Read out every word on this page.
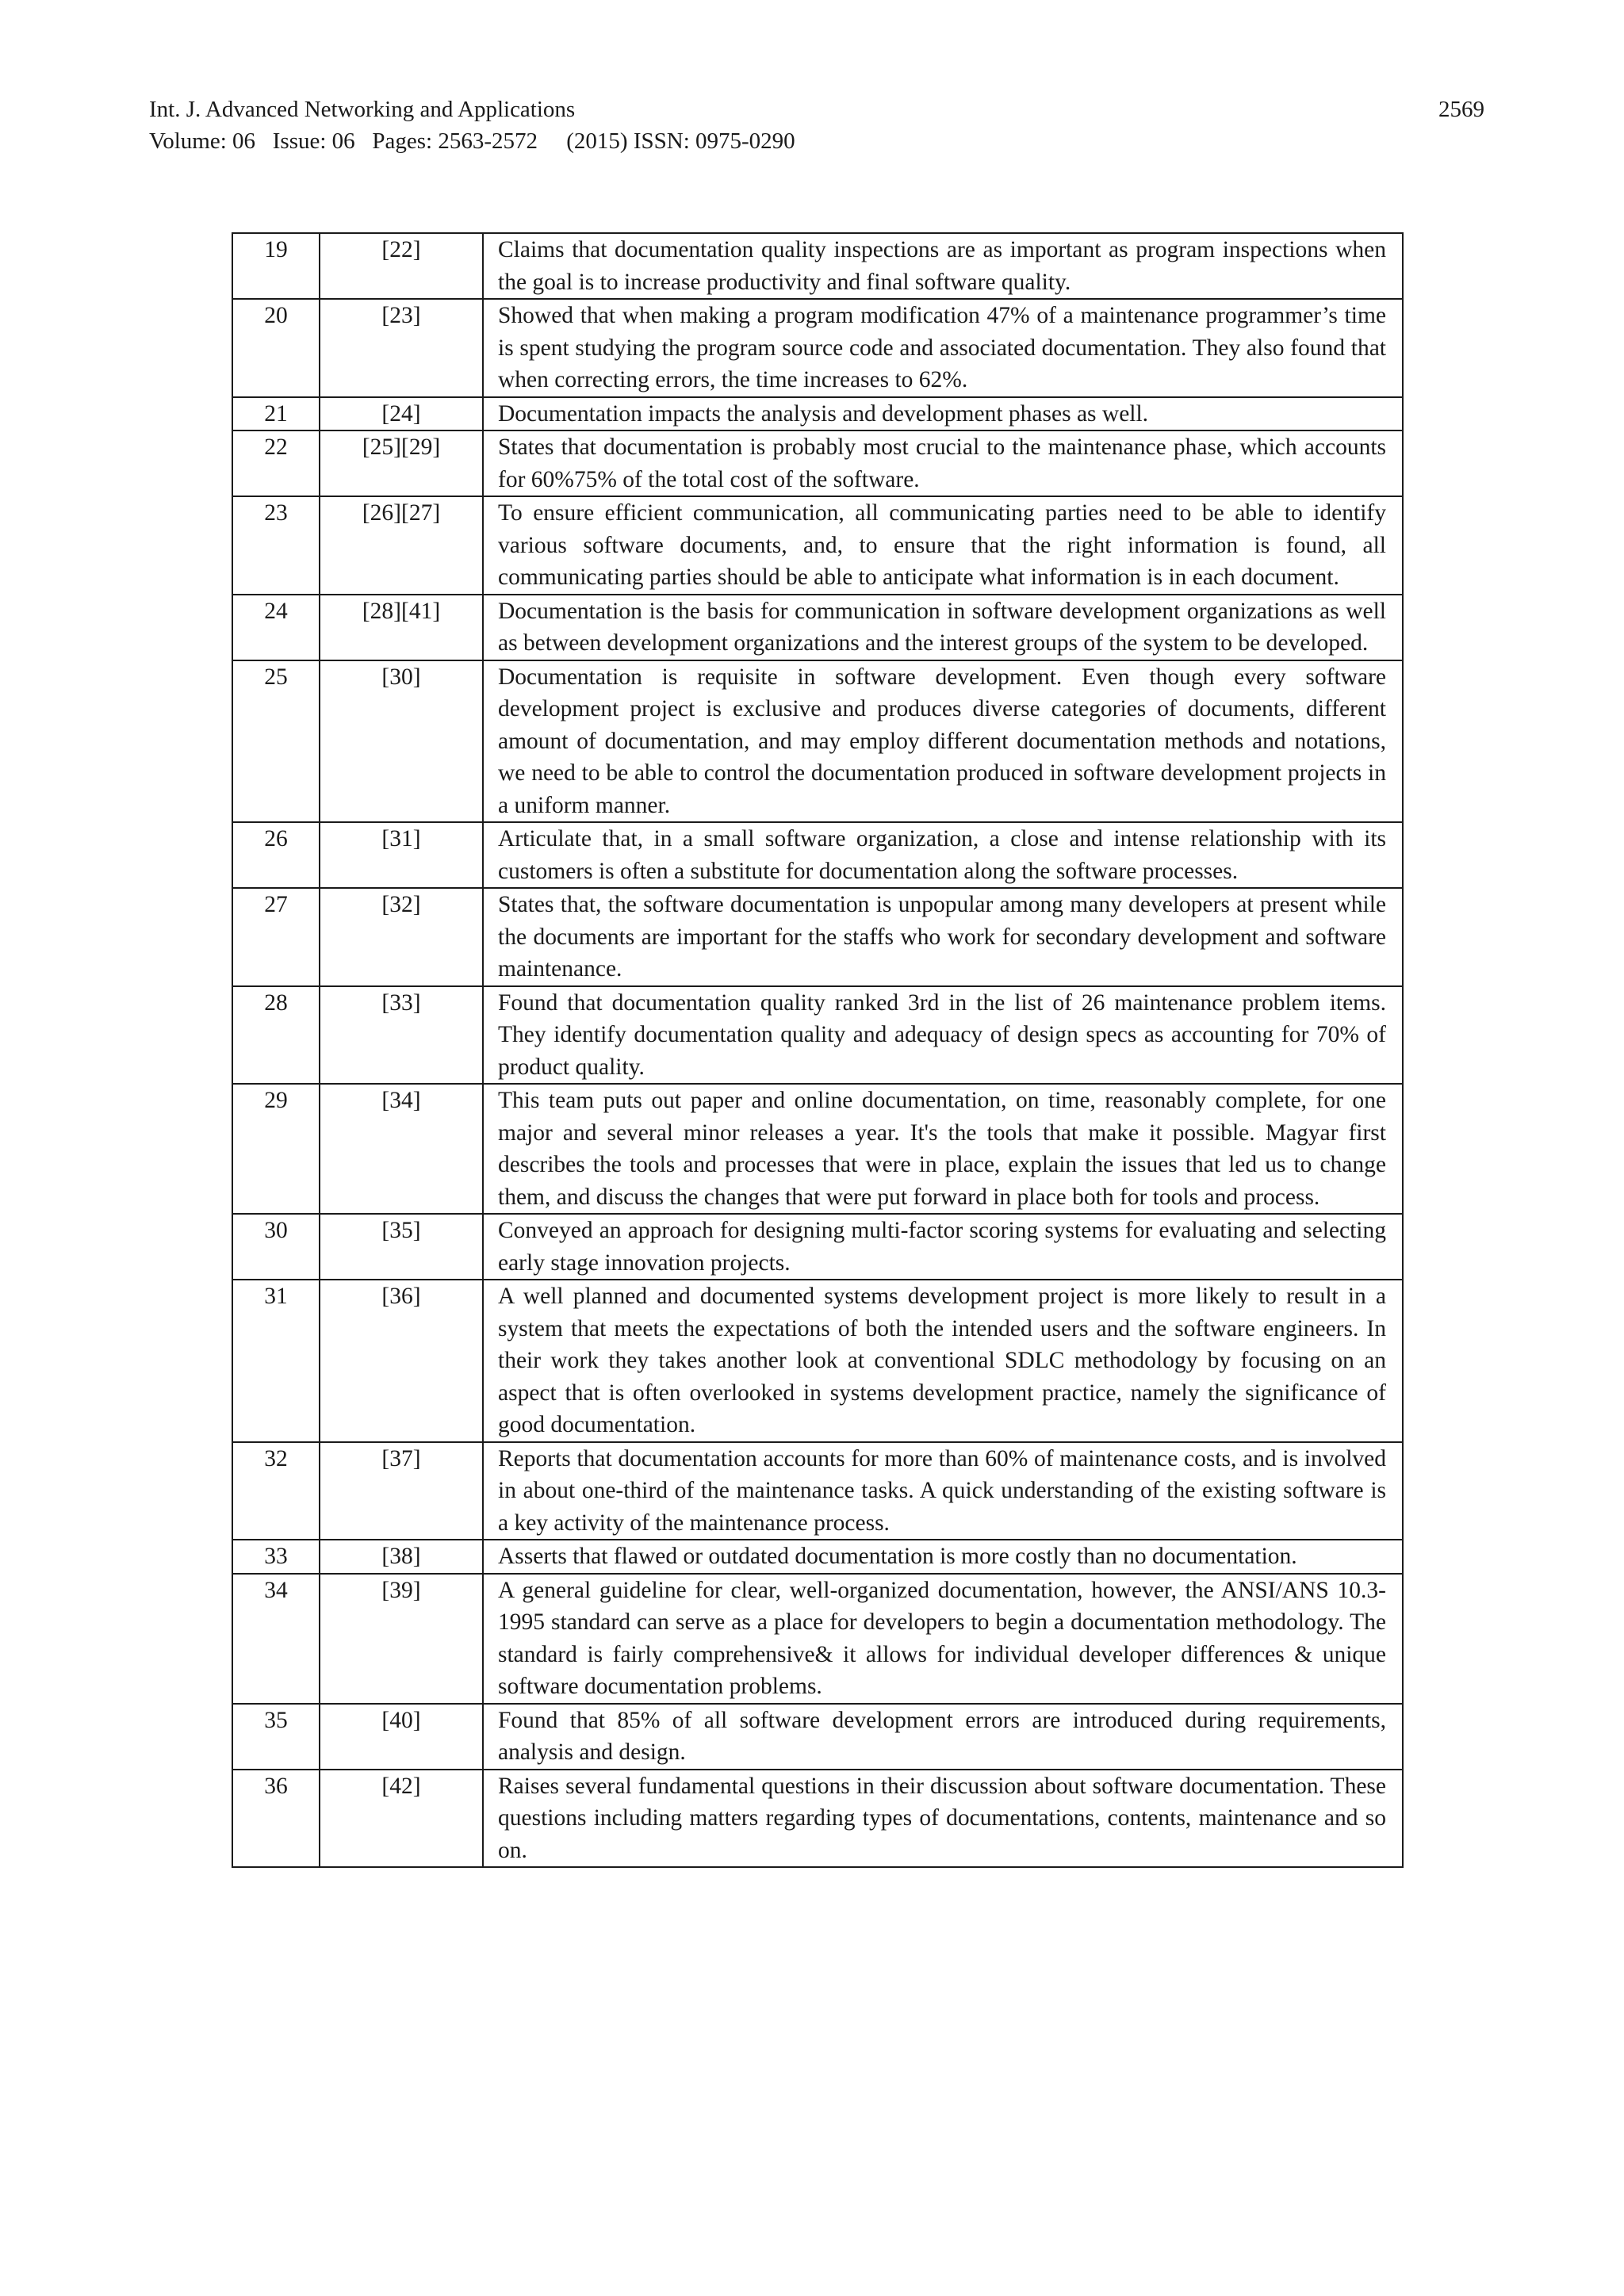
Int. J. Advanced Networking and Applications
Volume: 06   Issue: 06   Pages: 2563-2572     (2015) ISSN: 0975-0290
2569
19	[22]	Claims that documentation quality inspections are as important as program inspections when the goal is to increase productivity and final software quality.
20	[23]	Showed that when making a program modification 47% of a maintenance programmer’s time is spent studying the program source code and associated documentation. They also found that when correcting errors, the time increases to 62%.
21	[24]	Documentation impacts the analysis and development phases as well.
22	[25][29]	States that documentation is probably most crucial to the maintenance phase, which accounts for 60%75% of the total cost of the software.
23	[26][27]	To ensure efficient communication, all communicating parties need to be able to identify various software documents, and, to ensure that the right information is found, all communicating parties should be able to anticipate what information is in each document.
24	[28][41]	Documentation is the basis for communication in software development organizations as well as between development organizations and the interest groups of the system to be developed.
25	[30]	Documentation is requisite in software development. Even though every software development project is exclusive and produces diverse categories of documents, different amount of documentation, and may employ different documentation methods and notations, we need to be able to control the documentation produced in software development projects in a uniform manner.
26	[31]	Articulate that, in a small software organization, a close and intense relationship with its customers is often a substitute for documentation along the software processes.
27	[32]	States that, the software documentation is unpopular among many developers at present while the documents are important for the staffs who work for secondary development and software maintenance.
28	[33]	Found that documentation quality ranked 3rd in the list of 26 maintenance problem items. They identify documentation quality and adequacy of design specs as accounting for 70% of product quality.
29	[34]	This team puts out paper and online documentation, on time, reasonably complete, for one major and several minor releases a year. It's the tools that make it possible. Magyar first describes the tools and processes that were in place, explain the issues that led us to change them, and discuss the changes that were put forward in place both for tools and process.
30	[35]	Conveyed an approach for designing multi-factor scoring systems for evaluating and selecting early stage innovation projects.
31	[36]	A well planned and documented systems development project is more likely to result in a system that meets the expectations of both the intended users and the software engineers. In their work they takes another look at conventional SDLC methodology by focusing on an aspect that is often overlooked in systems development practice, namely the significance of good documentation.
32	[37]	Reports that documentation accounts for more than 60% of maintenance costs, and is involved in about one-third of the maintenance tasks. A quick understanding of the existing software is a key activity of the maintenance process.
33	[38]	Asserts that flawed or outdated documentation is more costly than no documentation.
34	[39]	A general guideline for clear, well-organized documentation, however, the ANSI/ANS 10.3-1995 standard can serve as a place for developers to begin a documentation methodology. The standard is fairly comprehensive& it allows for individual developer differences & unique software documentation problems.
35	[40]	Found that 85% of all software development errors are introduced during requirements, analysis and design.
36	[42]	Raises several fundamental questions in their discussion about software documentation. These questions including matters regarding types of documentations, contents, maintenance and so on.
